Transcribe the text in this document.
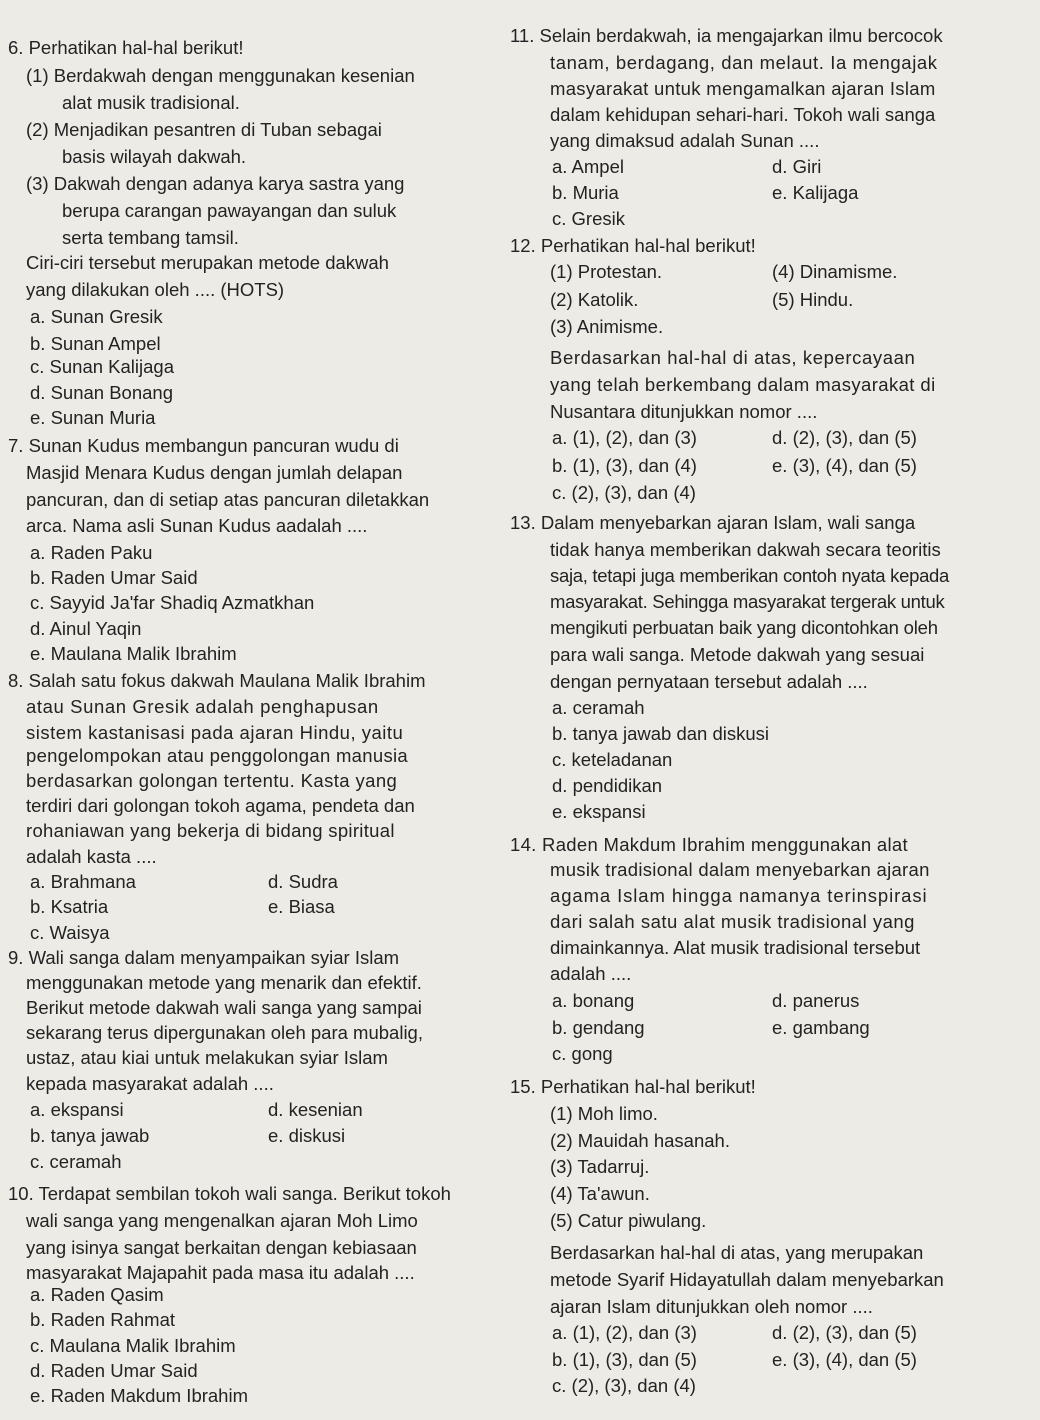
6. Perhatikan hal-hal berikut!
(1) Berdakwah dengan menggunakan kesenian
alat musik tradisional.
(2) Menjadikan pesantren di Tuban sebagai
basis wilayah dakwah.
(3) Dakwah dengan adanya karya sastra yang
berupa carangan pawayangan dan suluk
serta tembang tamsil.
Ciri-ciri tersebut merupakan metode dakwah
yang dilakukan oleh .... (HOTS)
a. Sunan Gresik
b. Sunan Ampel
c. Sunan Kalijaga
d. Sunan Bonang
e. Sunan Muria
7. Sunan Kudus membangun pancuran wudu di
Masjid Menara Kudus dengan jumlah delapan
pancuran, dan di setiap atas pancuran diletakkan
arca. Nama asli Sunan Kudus aadalah ....
a. Raden Paku
b. Raden Umar Said
c. Sayyid Ja'far Shadiq Azmatkhan
d. Ainul Yaqin
e. Maulana Malik Ibrahim
8. Salah satu fokus dakwah Maulana Malik Ibrahim
atau Sunan Gresik adalah penghapusan
sistem kastanisasi pada ajaran Hindu, yaitu
pengelompokan atau penggolongan manusia
berdasarkan golongan tertentu. Kasta yang
terdiri dari golongan tokoh agama, pendeta dan
rohaniawan yang bekerja di bidang spiritual
adalah kasta ....
a. Brahmana	d. Sudra
b. Ksatria	e. Biasa
c. Waisya
9. Wali sanga dalam menyampaikan syiar Islam
menggunakan metode yang menarik dan efektif.
Berikut metode dakwah wali sanga yang sampai
sekarang terus dipergunakan oleh para mubalig,
ustaz, atau kiai untuk melakukan syiar Islam
kepada masyarakat adalah ....
a. ekspansi	d. kesenian
b. tanya jawab	e. diskusi
c. ceramah
10. Terdapat sembilan tokoh wali sanga. Berikut tokoh
wali sanga yang mengenalkan ajaran Moh Limo
yang isinya sangat berkaitan dengan kebiasaan
masyarakat Majapahit pada masa itu adalah ....
a. Raden Qasim
b. Raden Rahmat
c. Maulana Malik Ibrahim
d. Raden Umar Said
e. Raden Makdum Ibrahim
11. Selain berdakwah, ia mengajarkan ilmu bercocok
tanam, berdagang, dan melaut. Ia mengajak
masyarakat untuk mengamalkan ajaran Islam
dalam kehidupan sehari-hari. Tokoh wali sanga
yang dimaksud adalah Sunan ....
a. Ampel	d. Giri
b. Muria	e. Kalijaga
c. Gresik
12. Perhatikan hal-hal berikut!
(1) Protestan.	(4) Dinamisme.
(2) Katolik.	(5) Hindu.
(3) Animisme.
Berdasarkan hal-hal di atas, kepercayaan
yang telah berkembang dalam masyarakat di
Nusantara ditunjukkan nomor ....
a. (1), (2), dan (3)	d. (2), (3), dan (5)
b. (1), (3), dan (4)	e. (3), (4), dan (5)
c. (2), (3), dan (4)
13. Dalam menyebarkan ajaran Islam, wali sanga
tidak hanya memberikan dakwah secara teoritis
saja, tetapi juga memberikan contoh nyata kepada
masyarakat. Sehingga masyarakat tergerak untuk
mengikuti perbuatan baik yang dicontohkan oleh
para wali sanga. Metode dakwah yang sesuai
dengan pernyataan tersebut adalah ....
a. ceramah
b. tanya jawab dan diskusi
c. keteladanan
d. pendidikan
e. ekspansi
14. Raden Makdum Ibrahim menggunakan alat
musik tradisional dalam menyebarkan ajaran
agama Islam hingga namanya terinspirasi
dari salah satu alat musik tradisional yang
dimainkannya. Alat musik tradisional tersebut
adalah ....
a. bonang	d. panerus
b. gendang	e. gambang
c. gong
15. Perhatikan hal-hal berikut!
(1) Moh limo.
(2) Mauidah hasanah.
(3) Tadarruj.
(4) Ta'awun.
(5) Catur piwulang.
Berdasarkan hal-hal di atas, yang merupakan
metode Syarif Hidayatullah dalam menyebarkan
ajaran Islam ditunjukkan oleh nomor ....
a. (1), (2), dan (3)	d. (2), (3), dan (5)
b. (1), (3), dan (5)	e. (3), (4), dan (5)
c. (2), (3), dan (4)
